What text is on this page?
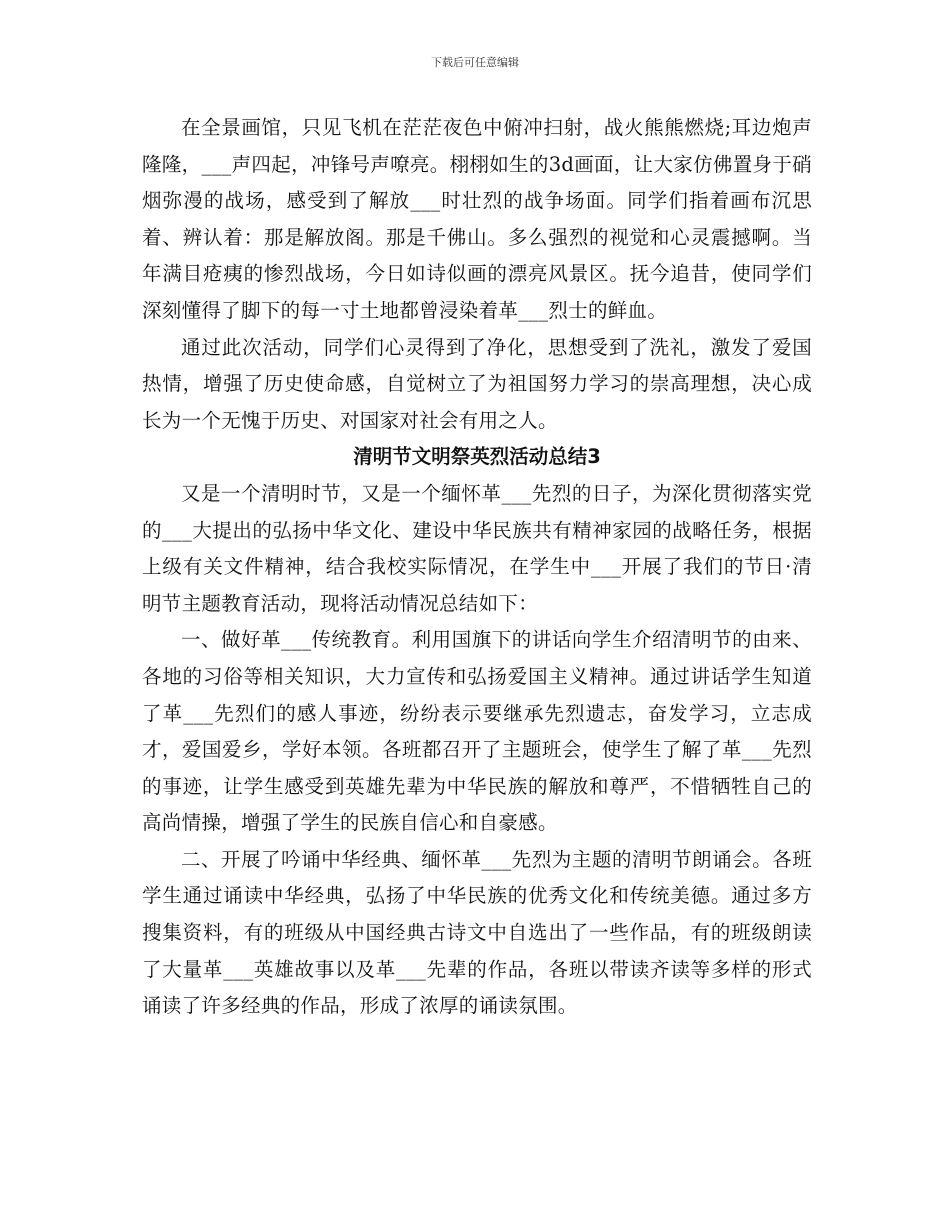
下载后可任意编辑

在全景画馆，只见飞机在茫茫夜色中俯冲扫射，战火熊熊燃烧;耳边炮声隆隆，___声四起，冲锋号声嘹亮。栩栩如生的3d画面，让大家仿佛置身于硝烟弥漫的战场，感受到了解放___时壮烈的战争场面。同学们指着画布沉思着、辨认着：那是解放阁。那是千佛山。多么强烈的视觉和心灵震撼啊。当年满目疮痍的惨烈战场，今日如诗似画的漂亮风景区。抚今追昔，使同学们深刻懂得了脚下的每一寸土地都曾浸染着革___烈士的鲜血。

通过此次活动，同学们心灵得到了净化，思想受到了洗礼，激发了爱国热情，增强了历史使命感，自觉树立了为祖国努力学习的崇高理想，决心成长为一个无愧于历史、对国家对社会有用之人。

清明节文明祭英烈活动总结3

又是一个清明时节，又是一个缅怀革___先烈的日子，为深化贯彻落实党的___大提出的弘扬中华文化、建设中华民族共有精神家园的战略任务，根据上级有关文件精神，结合我校实际情况，在学生中___开展了我们的节日·清明节主题教育活动，现将活动情况总结如下：

一、做好革___传统教育。利用国旗下的讲话向学生介绍清明节的由来、各地的习俗等相关知识，大力宣传和弘扬爱国主义精神。通过讲话学生知道了革___先烈们的感人事迹，纷纷表示要继承先烈遗志，奋发学习，立志成才，爱国爱乡，学好本领。各班都召开了主题班会，使学生了解了革___先烈的事迹，让学生感受到英雄先辈为中华民族的解放和尊严，不惜牺牲自己的高尚情操，增强了学生的民族自信心和自豪感。

二、开展了吟诵中华经典、缅怀革___先烈为主题的清明节朗诵会。各班学生通过诵读中华经典，弘扬了中华民族的优秀文化和传统美德。通过多方搜集资料，有的班级从中国经典古诗文中自选出了一些作品，有的班级朗读了大量革___英雄故事以及革___先辈的作品，各班以带读齐读等多样的形式诵读了许多经典的作品，形成了浓厚的诵读氛围。
